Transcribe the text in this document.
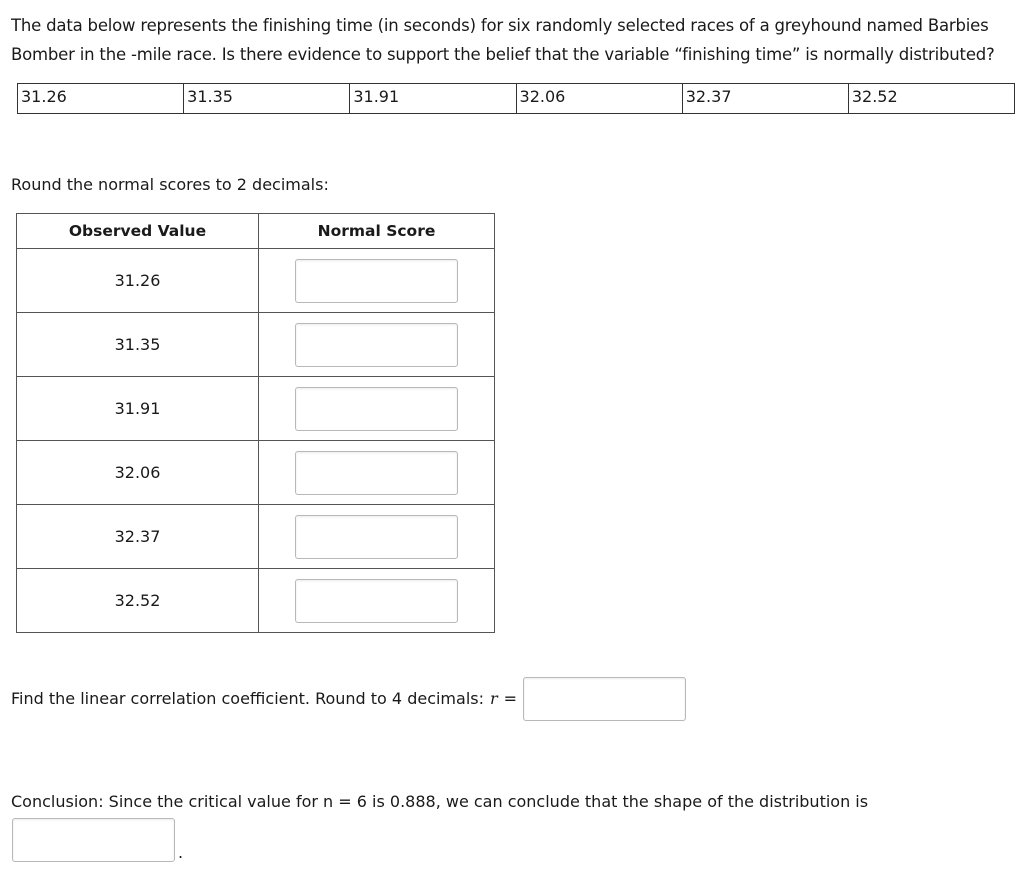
The data below represents the finishing time (in seconds) for six randomly selected races of a greyhound named Barbies Bomber in the -mile race. Is there evidence to support the belief that the variable “finishing time” is normally distributed?
31.26	31.35	31.91	32.06	32.37	32.52
Round the normal scores to 2 decimals:
Observed Value	Normal Score
31.26	
31.35	
31.91	
32.06	
32.37	
32.52	
Find the linear correlation coefficient. Round to 4 decimals: r =
Conclusion: Since the critical value for n = 6 is 0.888, we can conclude that the shape of the distribution is
.
